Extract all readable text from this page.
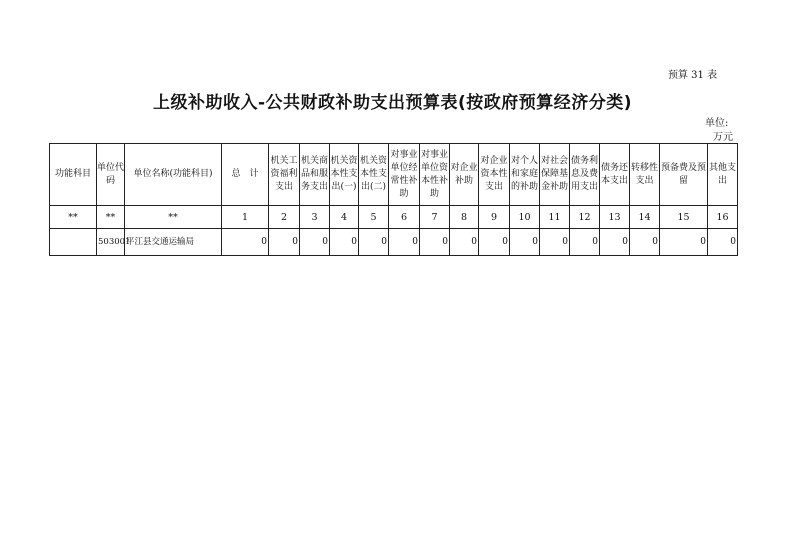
预算 31 表
上级补助收入-公共财政补助支出预算表(按政府预算经济分类)
单位:
万元
功能科目	单位代码	单位名称(功能科目)	总　计	机关工资福利支出	机关商品和服务支出	机关资本性支出(一)	机关资本性支出(二)	对事业单位经常性补助	对事业单位资本性补助	对企业补助	对企业资本性支出	对个人和家庭的补助	对社会保障基金补助	债务利息及费用支出	债务还本支出	转移性支出	预备费及预留	其他支出
**	**	**	1	2	3	4	5	6	7	8	9	10	11	12	13	14	15	16
	503001	平江县交通运输局	0	0	0	0	0	0	0	0	0	0	0	0	0	0	0	0
